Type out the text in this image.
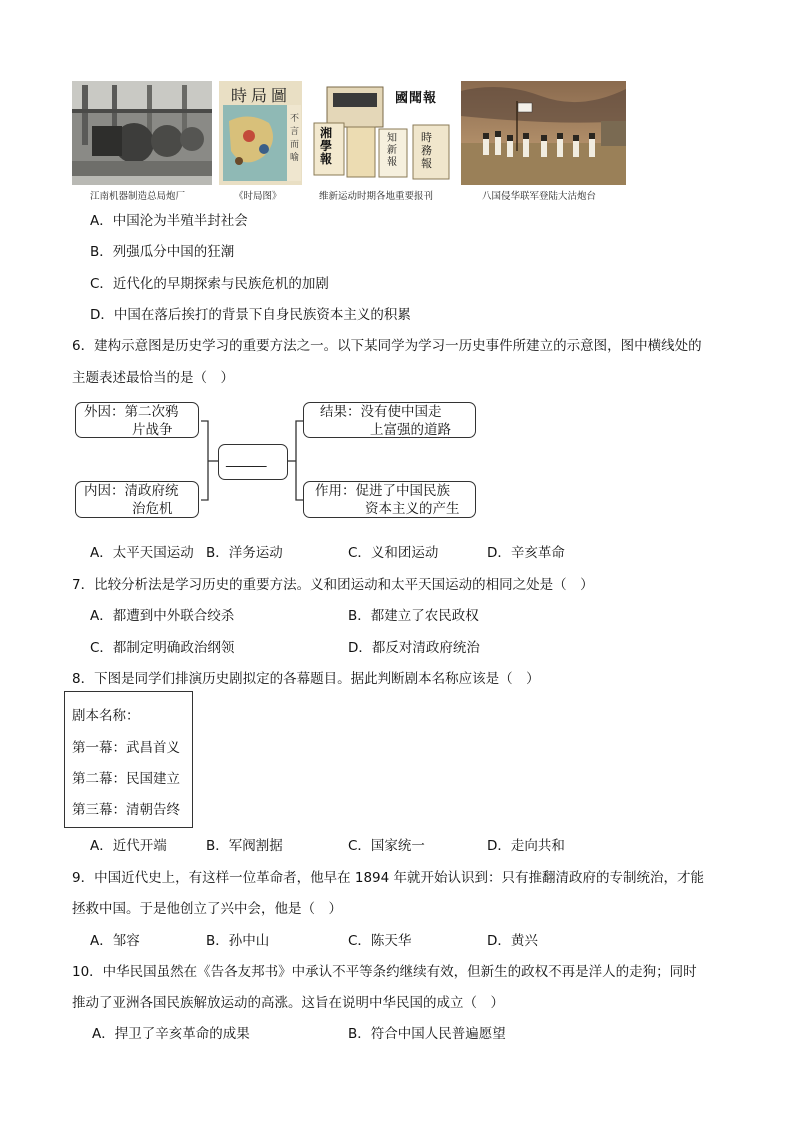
時局圖
不言而喻
湘學報
知新報
國聞報
時務報
江南机器制造总局炮厂	《时局图》	维新运动时期各地重要报刊	八国侵华联军登陆大沽炮台
A．中国沦为半殖半封社会
B．列强瓜分中国的狂潮
C．近代化的早期探索与民族危机的加剧
D．中国在落后挨打的背景下自身民族资本主义的积累
6．建构示意图是历史学习的重要方法之一。以下某同学为学习一历史事件所建立的示意图，图中横线处的
主题表述最恰当的是（　）
外因：第二次鸦
片战争
内因：清政府统
治危机
______
结果：没有使中国走
上富强的道路
作用：促进了中国民族
资本主义的产生
A．太平天国运动 B．洋务运动	C．义和团运动	D．辛亥革命
7．比较分析法是学习历史的重要方法。义和团运动和太平天国运动的相同之处是（　）
A．都遭到中外联合绞杀	B．都建立了农民政权
C．都制定明确政治纲领	D．都反对清政府统治
8．下图是同学们排演历史剧拟定的各幕题目。据此判断剧本名称应该是（　）
剧本名称：
第一幕：武昌首义
第二幕：民国建立
第三幕：清朝告终
A．近代开端	B．军阀割据	C．国家统一	D．走向共和
9．中国近代史上，有这样一位革命者，他早在 1894 年就开始认识到：只有推翻清政府的专制统治，才能
拯救中国。于是他创立了兴中会，他是（　）
A．邹容	B．孙中山	C．陈天华	D．黄兴
10．中华民国虽然在《告各友邦书》中承认不平等条约继续有效，但新生的政权不再是洋人的走狗；同时
推动了亚洲各国民族解放运动的高涨。这旨在说明中华民国的成立（　）
A．捍卫了辛亥革命的成果	B．符合中国人民普遍愿望
